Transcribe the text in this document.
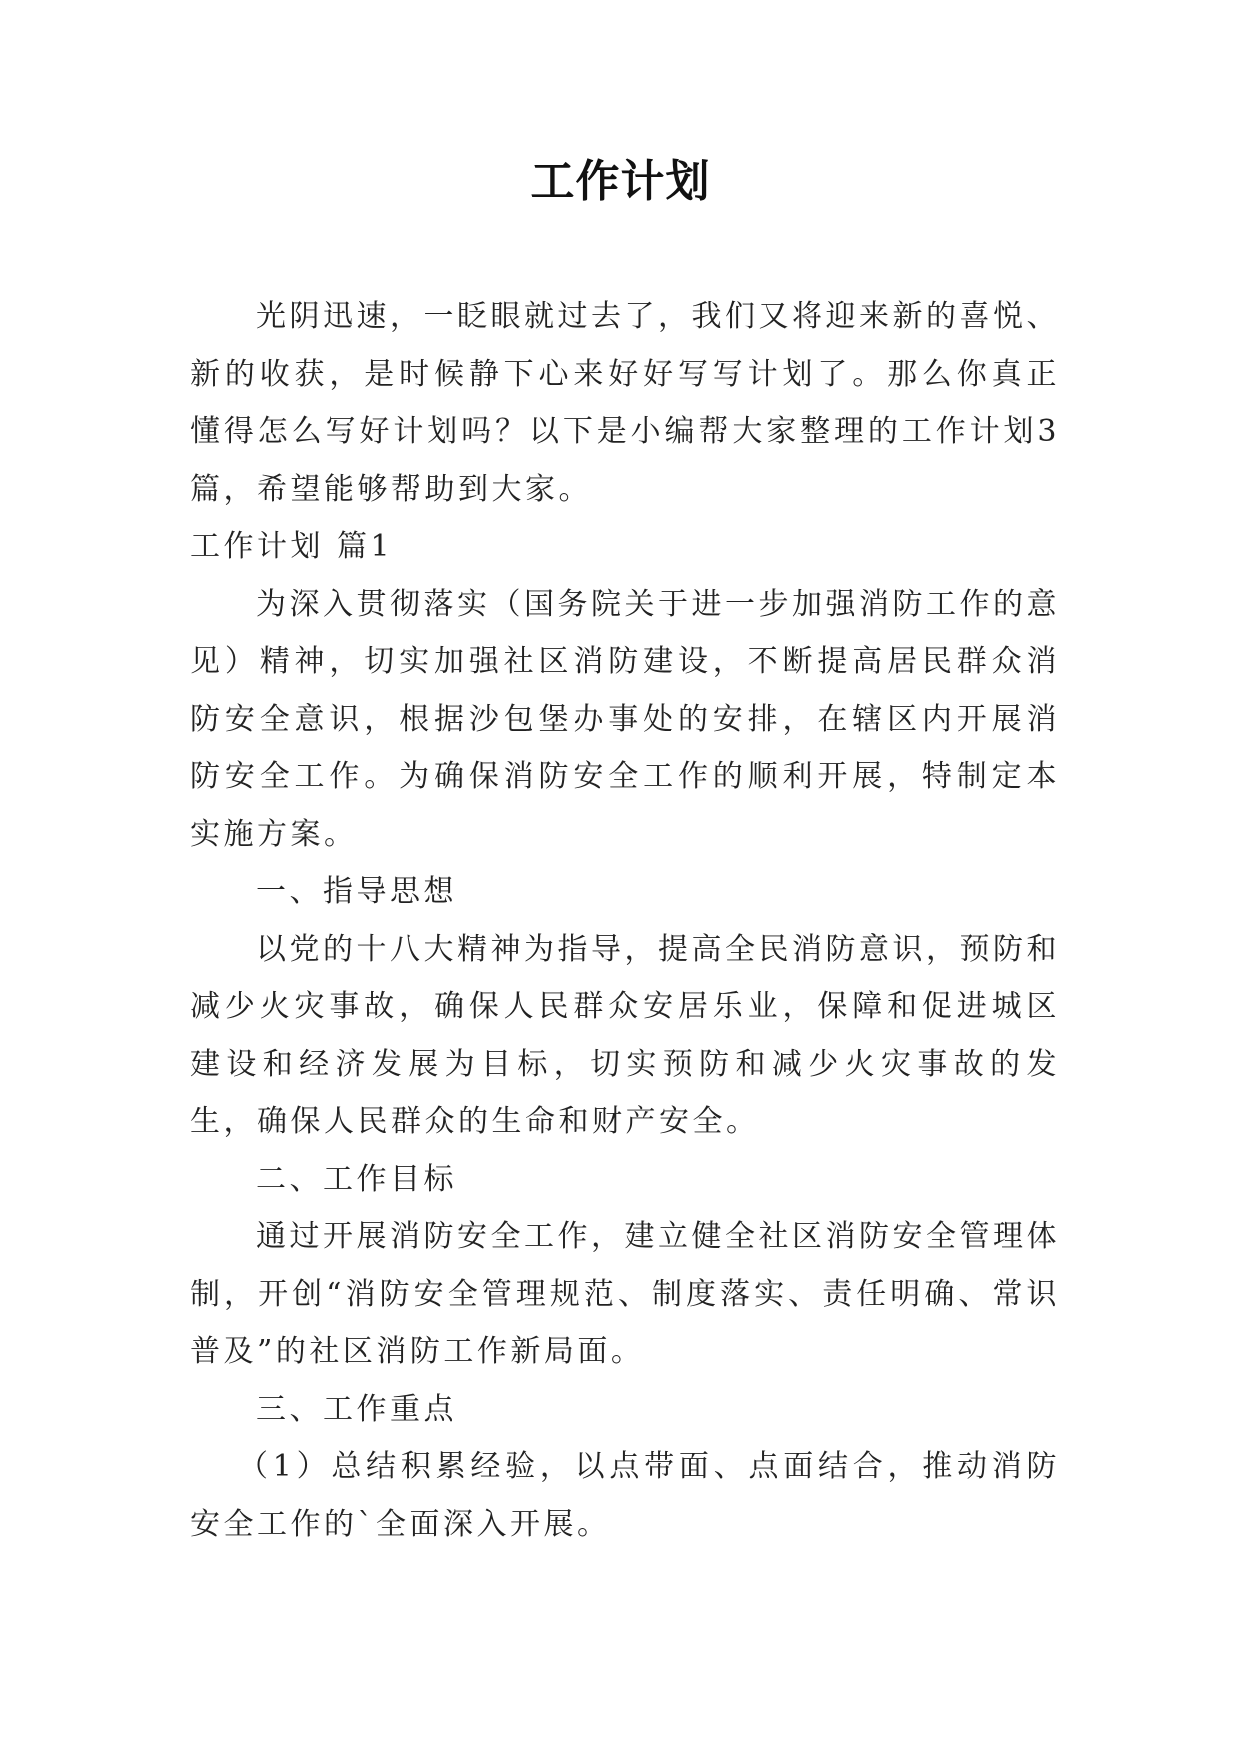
工作计划

光阴迅速，一眨眼就过去了，我们又将迎来新的喜悦、新的收获，是时候静下心来好好写写计划了。那么你真正懂得怎么写好计划吗？以下是小编帮大家整理的工作计划3篇，希望能够帮助到大家。

工作计划 篇1

为深入贯彻落实（国务院关于进一步加强消防工作的意见）精神，切实加强社区消防建设，不断提高居民群众消防安全意识，根据沙包堡办事处的安排，在辖区内开展消防安全工作。为确保消防安全工作的顺利开展，特制定本实施方案。

一、指导思想

以党的十八大精神为指导，提高全民消防意识，预防和减少火灾事故，确保人民群众安居乐业，保障和促进城区建设和经济发展为目标，切实预防和减少火灾事故的发生，确保人民群众的生命和财产安全。

二、工作目标

通过开展消防安全工作，建立健全社区消防安全管理体制，开创“消防安全管理规范、制度落实、责任明确、常识普及”的社区消防工作新局面。

三、工作重点

（1）总结积累经验，以点带面、点面结合，推动消防安全工作的`全面深入开展。
